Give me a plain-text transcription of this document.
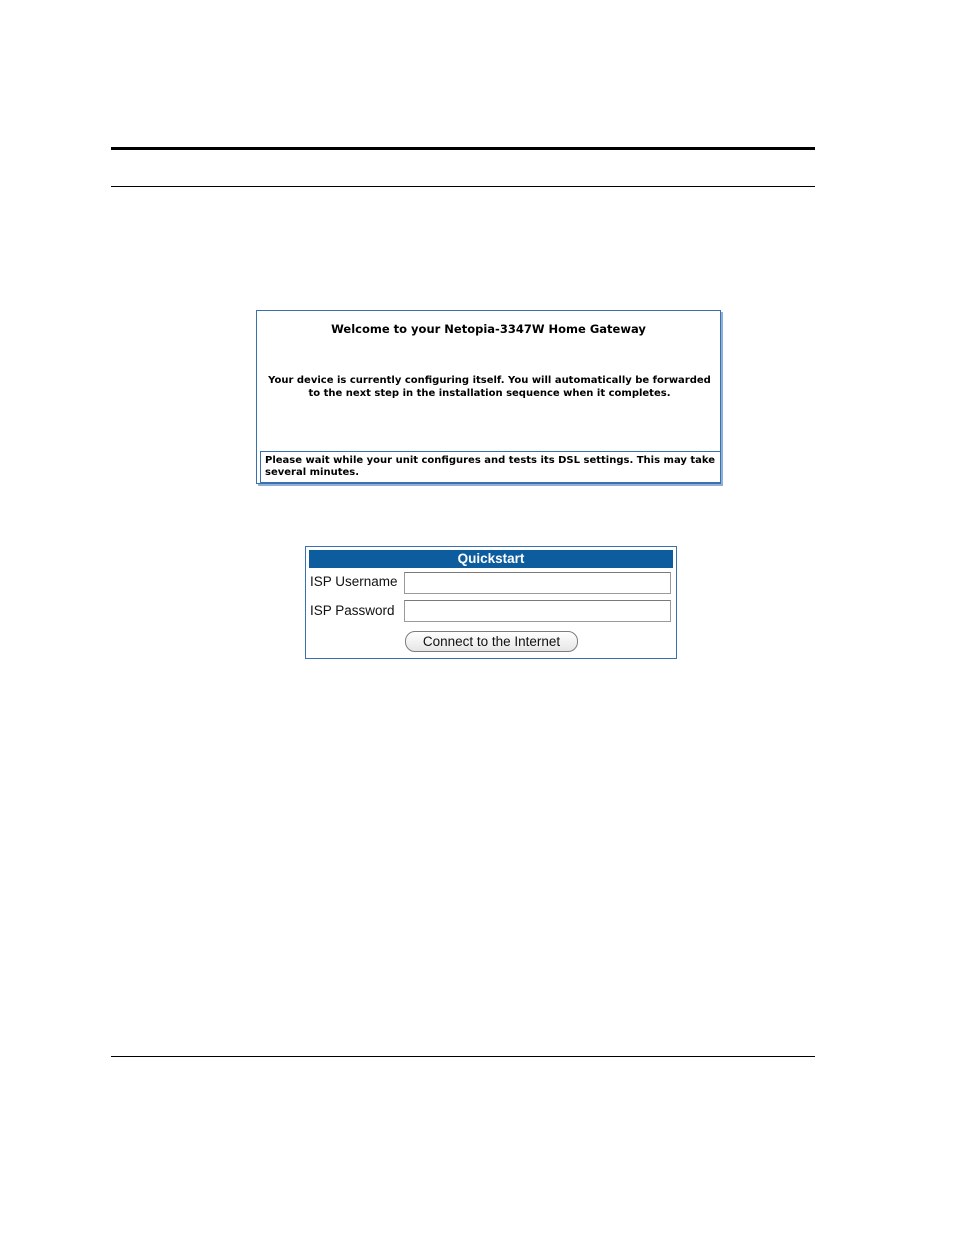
Welcome to your Netopia-3347W Home Gateway
Your device is currently configuring itself. You will automatically be forwarded to the next step in the installation sequence when it completes.
Please wait while your unit configures and tests its DSL settings. This may take several minutes.
Quickstart
ISP Username
ISP Password
Connect to the Internet
